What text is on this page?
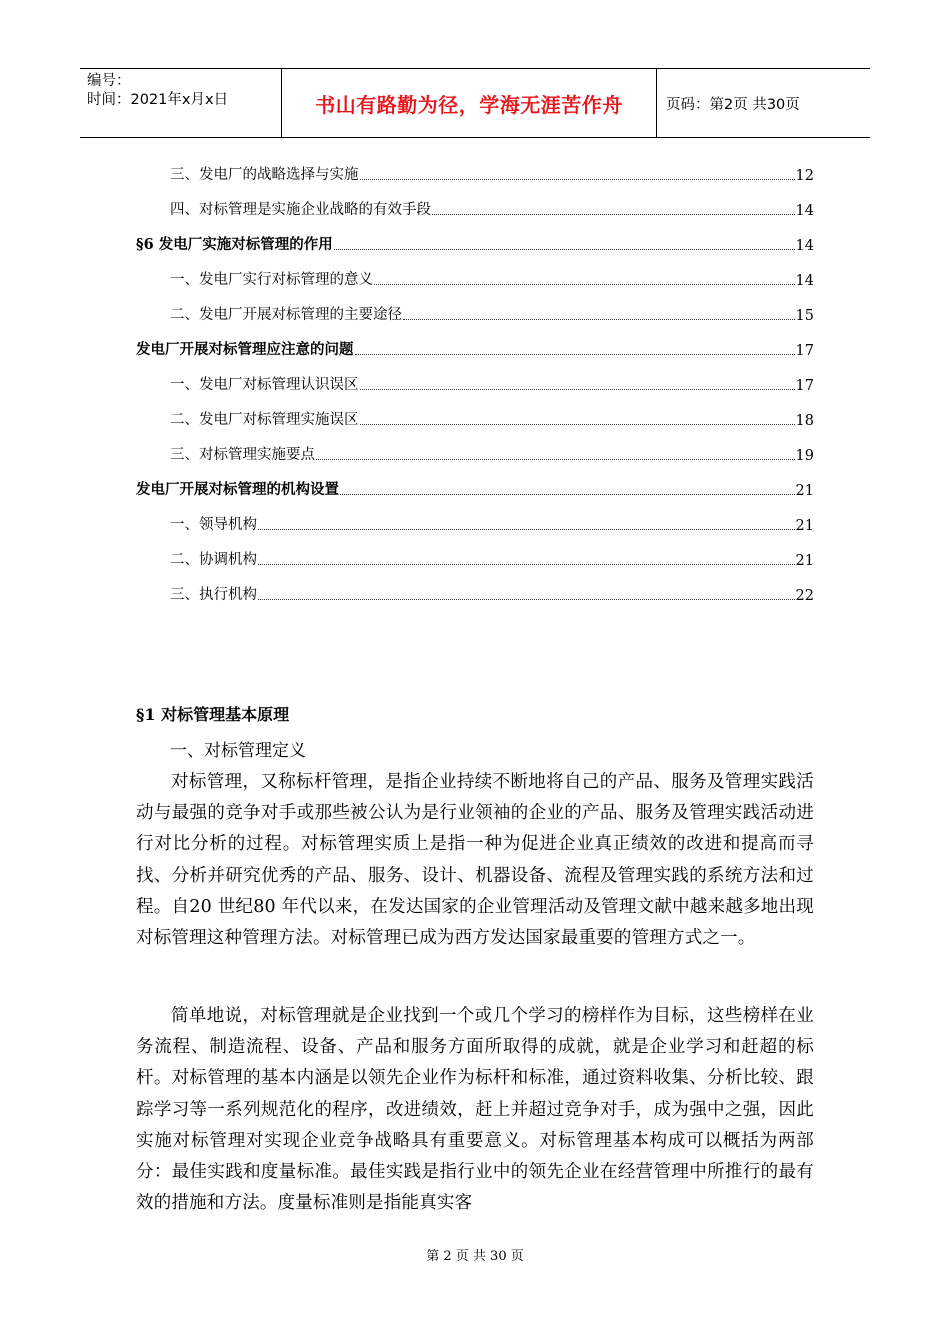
编号：
时间：2021年x月x日	书山有路勤为径，学海无涯苦作舟	页码：第2页 共30页
三、发电厂的战略选择与实施	12
四、对标管理是实施企业战略的有效手段	14
§6 发电厂实施对标管理的作用	14
一、发电厂实行对标管理的意义	14
二、发电厂开展对标管理的主要途径	15
发电厂开展对标管理应注意的问题	17
一、发电厂对标管理认识误区	17
二、发电厂对标管理实施误区	18
三、对标管理实施要点	19
发电厂开展对标管理的机构设置	21
一、领导机构	21
二、协调机构	21
三、执行机构	22
§1 对标管理基本原理
一、对标管理定义
对标管理，又称标杆管理，是指企业持续不断地将自己的产品、服务及管理实践活动与最强的竞争对手或那些被公认为是行业领袖的企业的产品、服务及管理实践活动进行对比分析的过程。对标管理实质上是指一种为促进企业真正绩效的改进和提高而寻找、分析并研究优秀的产品、服务、设计、机器设备、流程及管理实践的系统方法和过程。自20 世纪80 年代以来，在发达国家的企业管理活动及管理文献中越来越多地出现对标管理这种管理方法。对标管理已成为西方发达国家最重要的管理方式之一。
简单地说，对标管理就是企业找到一个或几个学习的榜样作为目标，这些榜样在业务流程、制造流程、设备、产品和服务方面所取得的成就，就是企业学习和赶超的标杆。对标管理的基本内涵是以领先企业作为标杆和标准，通过资料收集、分析比较、跟踪学习等一系列规范化的程序，改进绩效，赶上并超过竞争对手，成为强中之强，因此实施对标管理对实现企业竞争战略具有重要意义。对标管理基本构成可以概括为两部分：最佳实践和度量标准。最佳实践是指行业中的领先企业在经营管理中所推行的最有效的措施和方法。度量标准则是指能真实客
第 2 页 共 30 页
